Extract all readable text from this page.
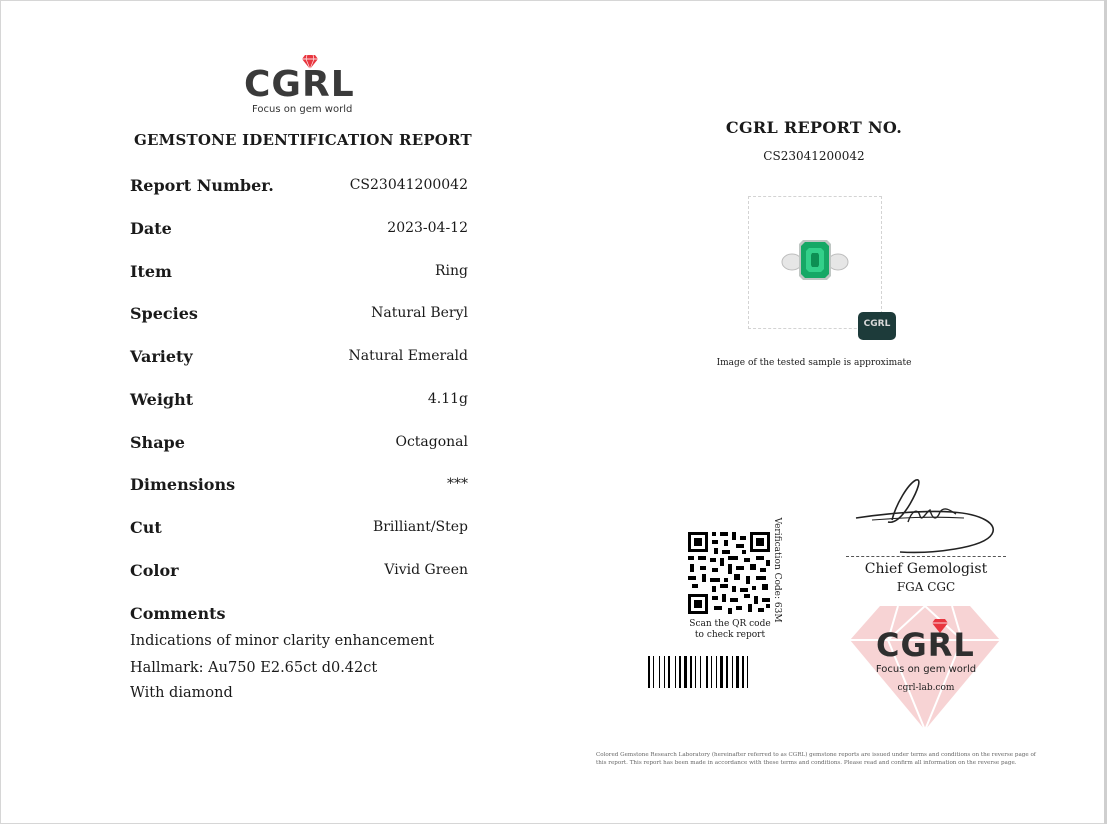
CGRL
Focus on gem world
GEMSTONE IDENTIFICATION REPORT
Report Number.	CS23041200042
Date	2023-04-12
Item	Ring
Species	Natural Beryl
Variety	Natural Emerald
Weight	4.11g
Shape	Octagonal
Dimensions	***
Cut	Brilliant/Step
Color	Vivid Green
Comments
Indications of minor clarity enhancement
Hallmark: Au750 E2.65ct d0.42ct
With diamond
CGRL REPORT NO.
CS23041200042
CGRL
Image of the tested sample is approximate
Chief Gemologist
FGA CGC
Verification Code: 63M
Scan the QR code
to check report	CGRL
Focus on gem world
cgrl-lab.com
Colored Gemstone Research Laboratory (hereinafter referred to as CGRL) gemstone reports are issued under terms and conditions on the reverse page of this report. This report has been made in accordance with these terms and conditions. Please read and confirm all information on the reverse page.
